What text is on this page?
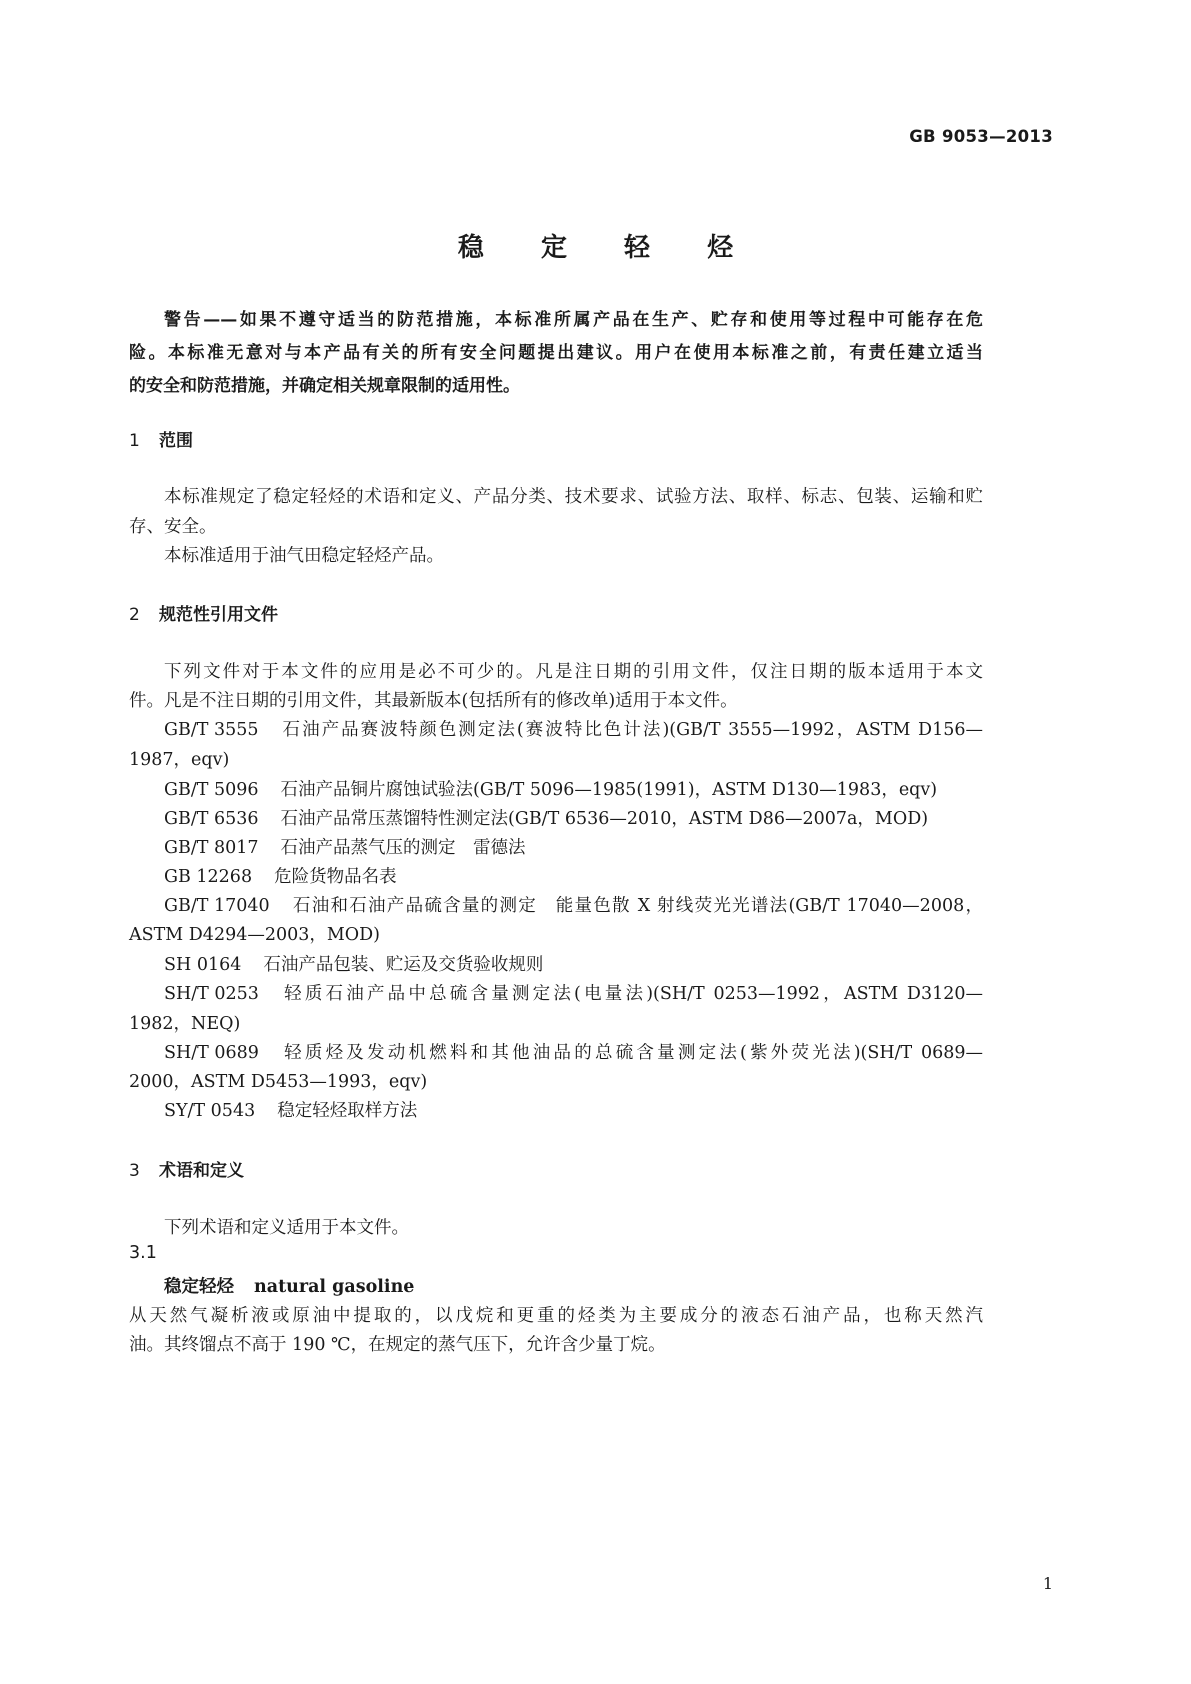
GB 9053—2013
稳 定 轻 烃
警告——如果不遵守适当的防范措施，本标准所属产品在生产、贮存和使用等过程中可能存在危
险。本标准无意对与本产品有关的所有安全问题提出建议。用户在使用本标准之前，有责任建立适当
的安全和防范措施，并确定相关规章限制的适用性。
1 范围
本标准规定了稳定轻烃的术语和定义、产品分类、技术要求、试验方法、取样、标志、包装、运输和贮
存、安全。
本标准适用于油气田稳定轻烃产品。
2 规范性引用文件
下列文件对于本文件的应用是必不可少的。凡是注日期的引用文件，仅注日期的版本适用于本文
件。凡是不注日期的引用文件，其最新版本(包括所有的修改单)适用于本文件。
GB/T 3555 石油产品赛波特颜色测定法(赛波特比色计法)(GB/T 3555—1992，ASTM D156—
1987，eqv)
GB/T 5096 石油产品铜片腐蚀试验法(GB/T 5096—1985(1991)，ASTM D130—1983，eqv)
GB/T 6536 石油产品常压蒸馏特性测定法(GB/T 6536—2010，ASTM D86—2007a，MOD)
GB/T 8017 石油产品蒸气压的测定　雷德法
GB 12268 危险货物品名表
GB/T 17040 石油和石油产品硫含量的测定　能量色散 X 射线荧光光谱法(GB/T 17040—2008，
ASTM D4294—2003，MOD)
SH 0164 石油产品包装、贮运及交货验收规则
SH/T 0253 轻质石油产品中总硫含量测定法(电量法)(SH/T 0253—1992，ASTM D3120—
1982，NEQ)
SH/T 0689 轻质烃及发动机燃料和其他油品的总硫含量测定法(紫外荧光法)(SH/T 0689—
2000，ASTM D5453—1993，eqv)
SY/T 0543 稳定轻烃取样方法
3 术语和定义
下列术语和定义适用于本文件。
3.1
稳定轻烃 natural gasoline
从天然气凝析液或原油中提取的，以戊烷和更重的烃类为主要成分的液态石油产品，也称天然汽
油。其终馏点不高于 190 ℃，在规定的蒸气压下，允许含少量丁烷。
1
